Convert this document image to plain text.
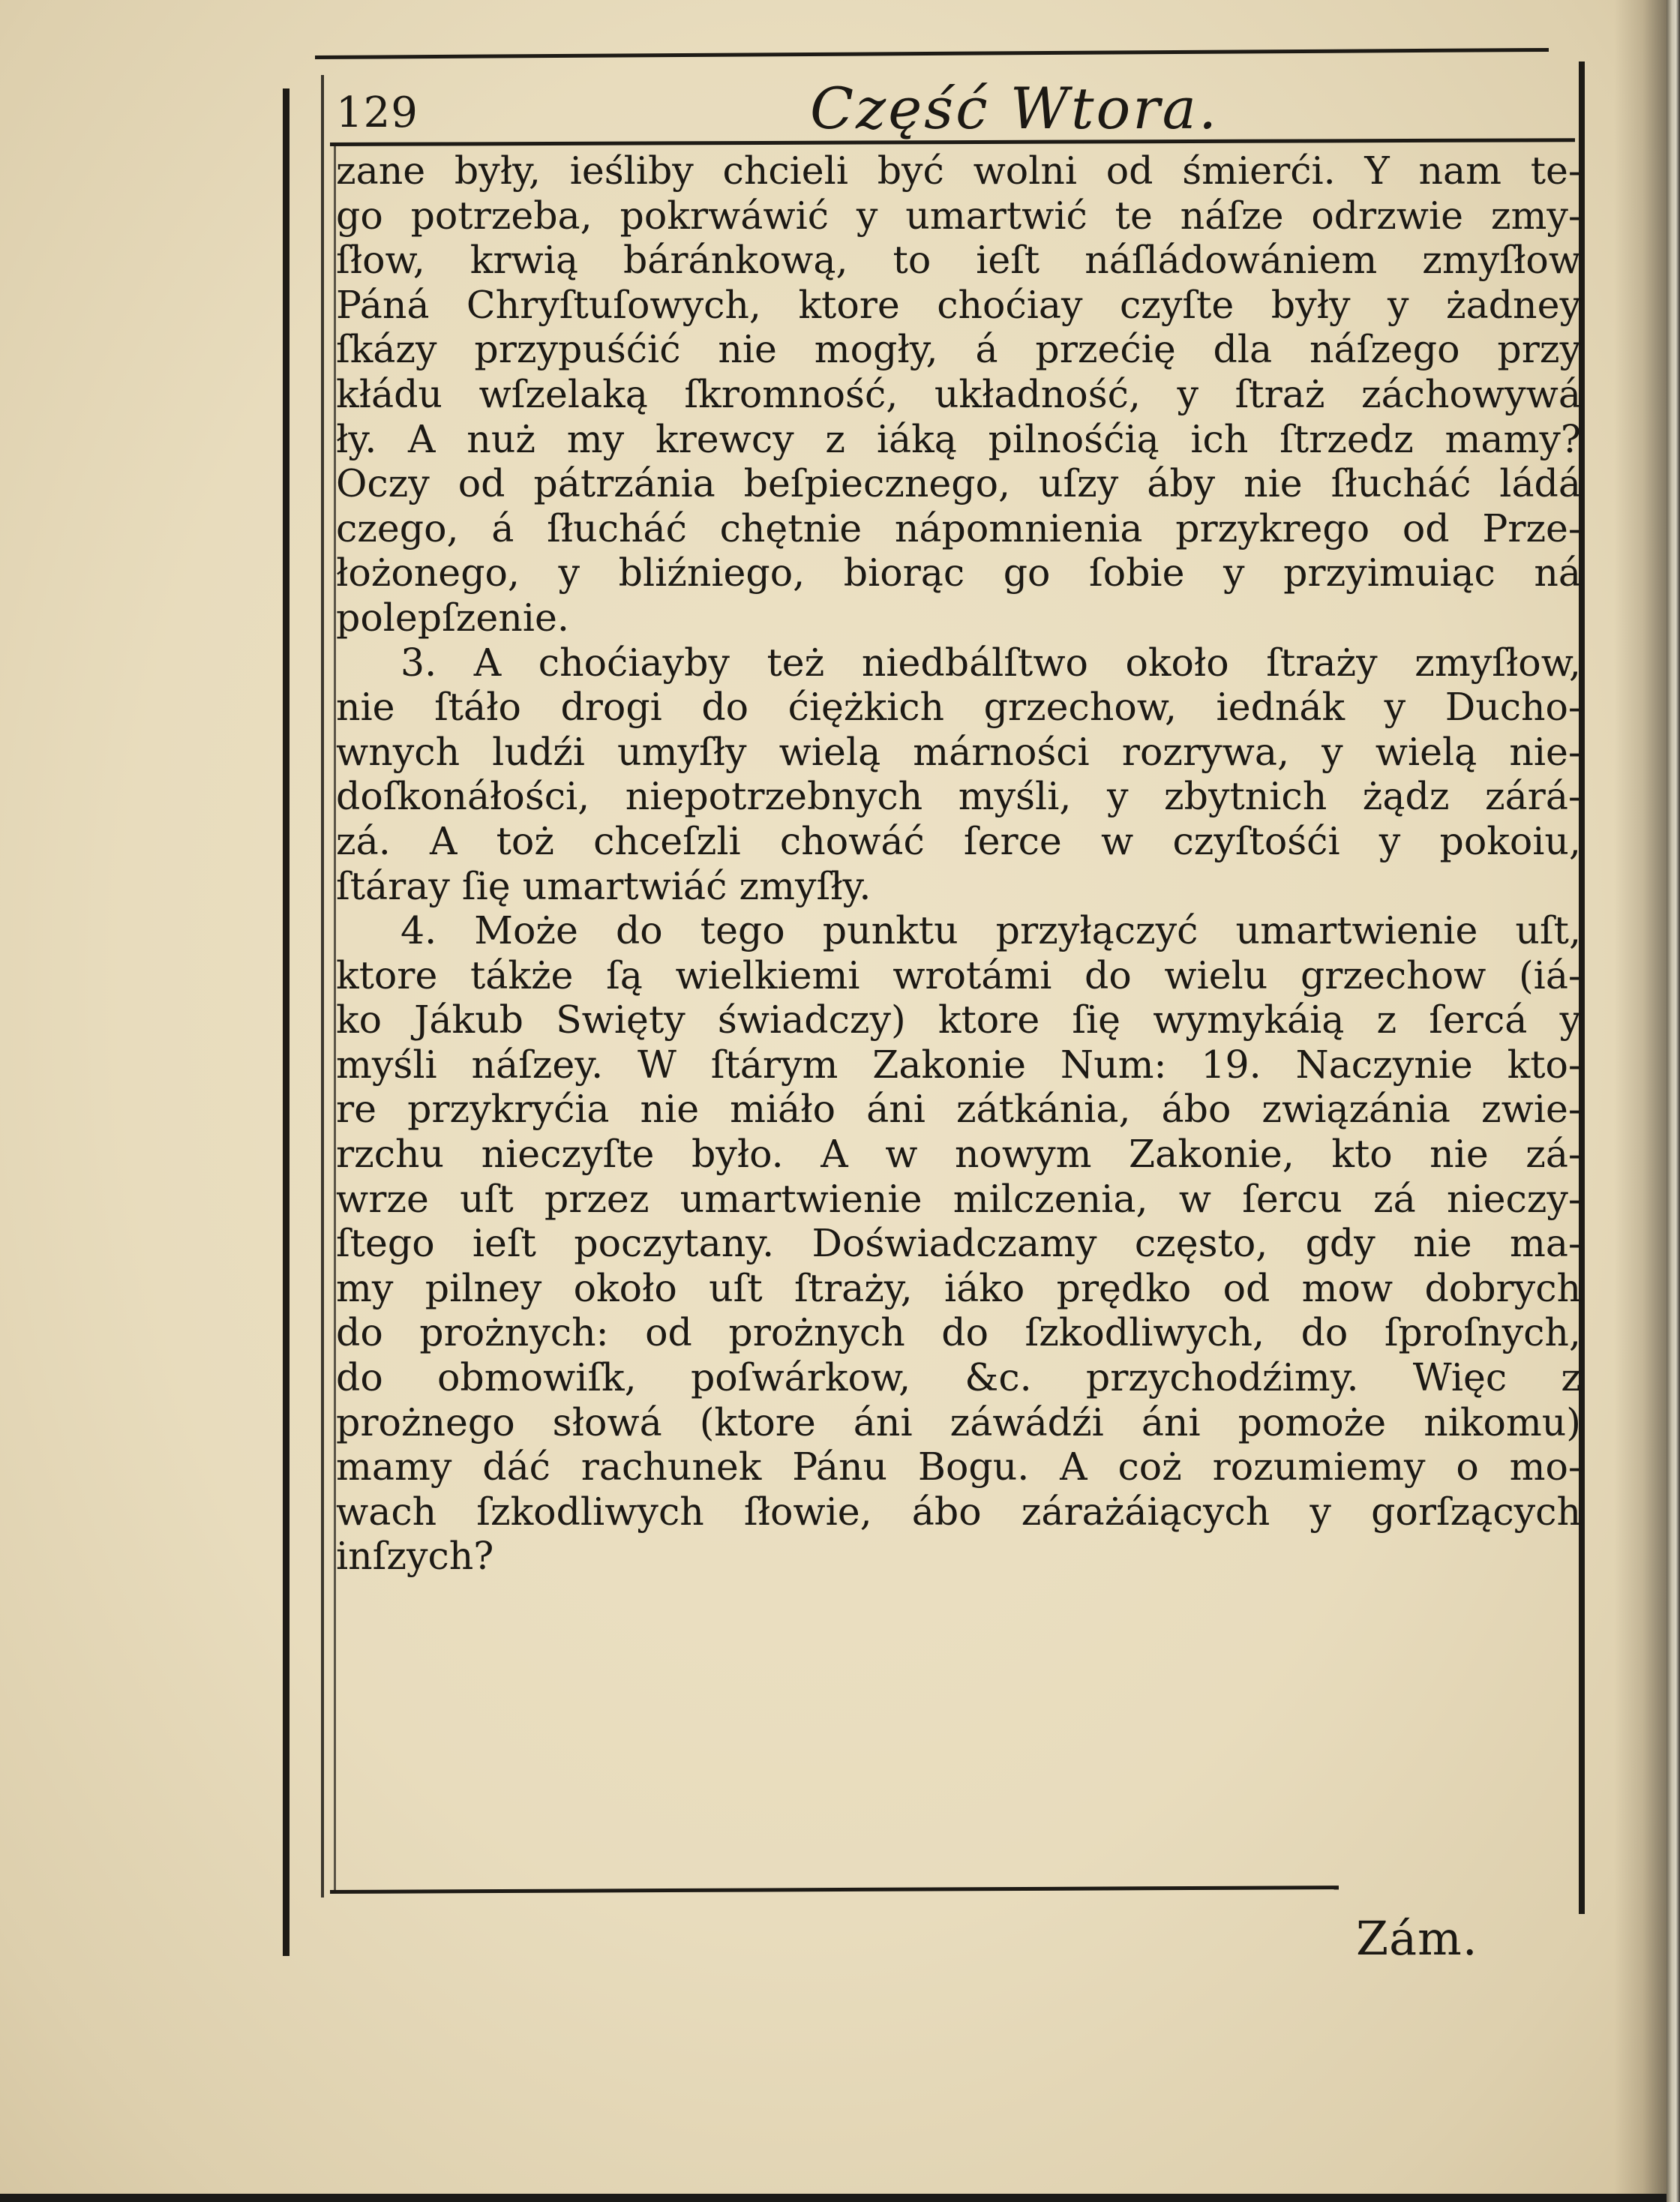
129	Część Wtora.
zane były, ieśliby chcieli być wolni od śmierći. Y nam te-
go potrzeba, pokrwáwić y umartwić te náſze odrzwie zmy-
ſłow, krwią báránkową, to ieſt náſládowániem zmyſłow
Páná Chryſtuſowych, ktore choćiay czyſte były y żadney
ſkázy przypuśćić nie mogły, á przećię dla náſzego przy
kłádu wſzelaką ſkromność, układność, y ſtraż záchowywá
ły. A nuż my krewcy z iáką pilnośćią ich ſtrzedz mamy?
Oczy od pátrzánia beſpiecznego, uſzy áby nie ſłucháć ládá
czego, á ſłucháć chętnie nápomnienia przykrego od Prze-
łożonego, y bliźniego, biorąc go ſobie y przyimuiąc ná
polepſzenie.
3. A choćiayby też niedbálſtwo około ſtraży zmyſłow,
nie ſtáło drogi do ćiężkich grzechow, iednák y Ducho-
wnych ludźi umyſły wielą márności rozrywa, y wielą nie-
doſkonáłości, niepotrzebnych myśli, y zbytnich żądz zárá-
zá. A toż chceſzli chowáć ſerce w czyſtośći y pokoiu,
ſtáray ſię umartwiáć zmyſły.
4. Może do tego punktu przyłączyć umartwienie uſt,
ktore tákże ſą wielkiemi wrotámi do wielu grzechow (iá-
ko Jákub Swięty świadczy) ktore ſię wymykáią z ſercá y
myśli náſzey. W ſtárym Zakonie Num: 19. Naczynie kto-
re przykryćia nie miáło áni zátkánia, ábo związánia zwie-
rzchu nieczyſte było. A w nowym Zakonie, kto nie zá-
wrze uſt przez umartwienie milczenia, w ſercu zá nieczy-
ſtego ieſt poczytany. Doświadczamy często, gdy nie ma-
my pilney około uſt ſtraży, iáko prędko od mow dobrych
do prożnych: od prożnych do ſzkodliwych, do ſproſnych,
do obmowiſk, poſwárkow, &c. przychodźimy. Więc z
prożnego słowá (ktore áni záwádźi áni pomoże nikomu)
mamy dáć rachunek Pánu Bogu. A coż rozumiemy o mo-
wach ſzkodliwych ſłowie, ábo zárażáiących y gorſzących
inſzych?
Zám.
